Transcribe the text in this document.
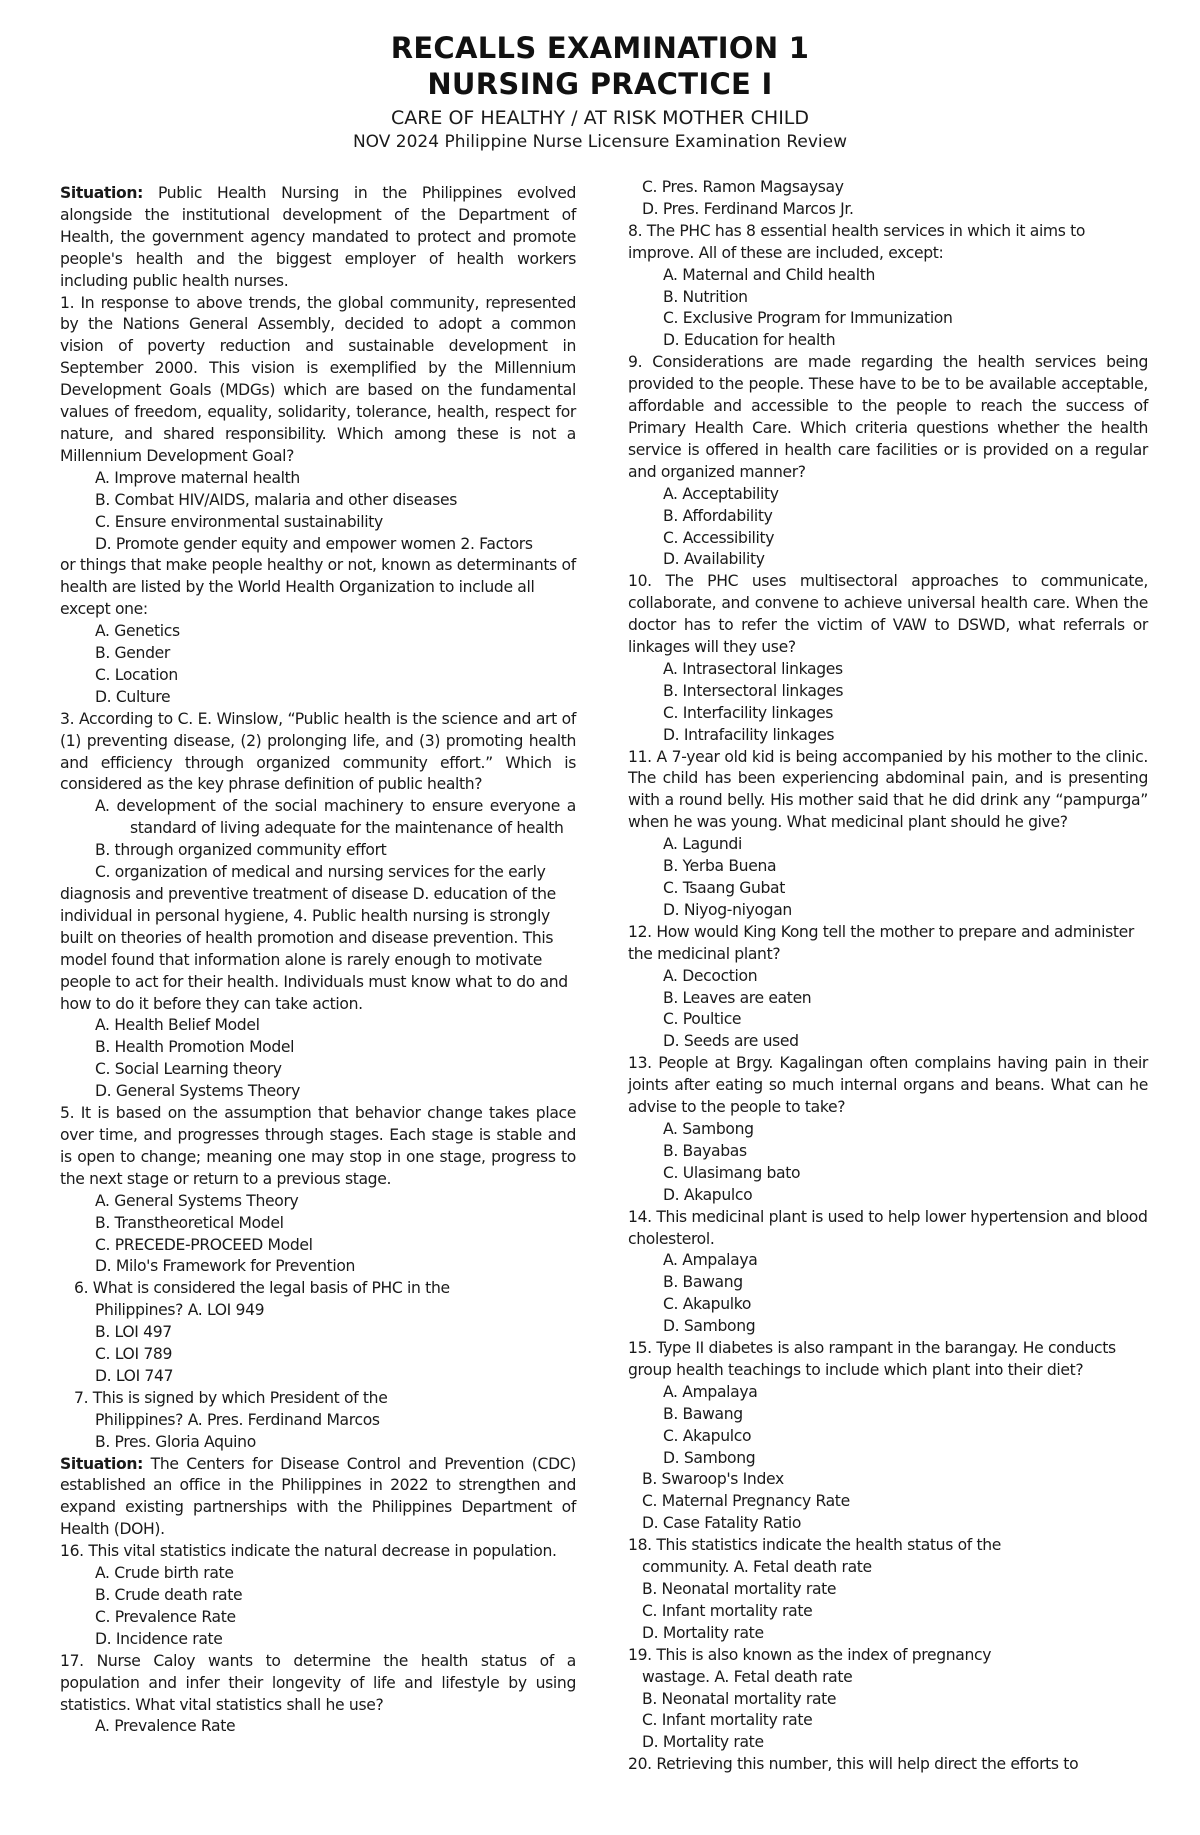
RECALLS EXAMINATION 1
NURSING PRACTICE I
CARE OF HEALTHY / AT RISK MOTHER CHILD
NOV 2024 Philippine Nurse Licensure Examination Review
Situation: Public Health Nursing in the Philippines evolved alongside the institutional development of the Department of Health, the government agency mandated to protect and promote people's health and the biggest employer of health workers including public health nurses.
1. In response to above trends, the global community, represented by the Nations General Assembly, decided to adopt a common vision of poverty reduction and sustainable development in September 2000. This vision is exemplified by the Millennium Development Goals (MDGs) which are based on the fundamental values of freedom, equality, solidarity, tolerance, health, respect for nature, and shared responsibility. Which among these is not a Millennium Development Goal?
A. Improve maternal health
B. Combat HIV/AIDS, malaria and other diseases
C. Ensure environmental sustainability
D. Promote gender equity and empower women 2. Factors
or things that make people healthy or not, known as determinants of health are listed by the World Health Organization to include all except one:
A. Genetics
B. Gender
C. Location
D. Culture
3. According to C. E. Winslow, “Public health is the science and art of (1) preventing disease, (2) prolonging life, and (3) promoting health and efficiency through organized community effort.” Which is considered as the key phrase definition of public health?
A. development of the social machinery to ensure everyone a standard of living adequate for the maintenance of health
B. through organized community effort
C. organization of medical and nursing services for the early
diagnosis and preventive treatment of disease D. education of the individual in personal hygiene, 4. Public health nursing is strongly built on theories of health promotion and disease prevention. This model found that information alone is rarely enough to motivate people to act for their health. Individuals must know what to do and how to do it before they can take action.
A. Health Belief Model
B. Health Promotion Model
C. Social Learning theory
D. General Systems Theory
5. It is based on the assumption that behavior change takes place over time, and progresses through stages. Each stage is stable and is open to change; meaning one may stop in one stage, progress to the next stage or return to a previous stage.
A. General Systems Theory
B. Transtheoretical Model
C. PRECEDE-PROCEED Model
D. Milo's Framework for Prevention
6. What is considered the legal basis of PHC in the
Philippines? A. LOI 949
B. LOI 497
C. LOI 789
D. LOI 747
7. This is signed by which President of the
Philippines? A. Pres. Ferdinand Marcos
B. Pres. Gloria Aquino
Situation: The Centers for Disease Control and Prevention (CDC) established an office in the Philippines in 2022 to strengthen and expand existing partnerships with the Philippines Department of Health (DOH).
16. This vital statistics indicate the natural decrease in population.
A. Crude birth rate
B. Crude death rate
C. Prevalence Rate
D. Incidence rate
17. Nurse Caloy wants to determine the health status of a population and infer their longevity of life and lifestyle by using statistics. What vital statistics shall he use?
A. Prevalence Rate
C. Pres. Ramon Magsaysay
D. Pres. Ferdinand Marcos Jr.
8. The PHC has 8 essential health services in which it aims to improve. All of these are included, except:
A. Maternal and Child health
B. Nutrition
C. Exclusive Program for Immunization
D. Education for health
9. Considerations are made regarding the health services being provided to the people. These have to be to be available acceptable, affordable and accessible to the people to reach the success of Primary Health Care. Which criteria questions whether the health service is offered in health care facilities or is provided on a regular and organized manner?
A. Acceptability
B. Affordability
C. Accessibility
D. Availability
10. The PHC uses multisectoral approaches to communicate, collaborate, and convene to achieve universal health care. When the doctor has to refer the victim of VAW to DSWD, what referrals or linkages will they use?
A. Intrasectoral linkages
B. Intersectoral linkages
C. Interfacility linkages
D. Intrafacility linkages
11. A 7-year old kid is being accompanied by his mother to the clinic. The child has been experiencing abdominal pain, and is presenting with a round belly. His mother said that he did drink any “pampurga” when he was young. What medicinal plant should he give?
A. Lagundi
B. Yerba Buena
C. Tsaang Gubat
D. Niyog-niyogan
12. How would King Kong tell the mother to prepare and administer the medicinal plant?
A. Decoction
B. Leaves are eaten
C. Poultice
D. Seeds are used
13. People at Brgy. Kagalingan often complains having pain in their joints after eating so much internal organs and beans. What can he advise to the people to take?
A. Sambong
B. Bayabas
C. Ulasimang bato
D. Akapulco
14. This medicinal plant is used to help lower hypertension and blood cholesterol.
A. Ampalaya
B. Bawang
C. Akapulko
D. Sambong
15. Type II diabetes is also rampant in the barangay. He conducts group health teachings to include which plant into their diet?
A. Ampalaya
B. Bawang
C. Akapulco
D. Sambong
B. Swaroop's Index
C. Maternal Pregnancy Rate
D. Case Fatality Ratio
18. This statistics indicate the health status of the
community. A. Fetal death rate
B. Neonatal mortality rate
C. Infant mortality rate
D. Mortality rate
19. This is also known as the index of pregnancy
wastage. A. Fetal death rate
B. Neonatal mortality rate
C. Infant mortality rate
D. Mortality rate
20. Retrieving this number, this will help direct the efforts to
